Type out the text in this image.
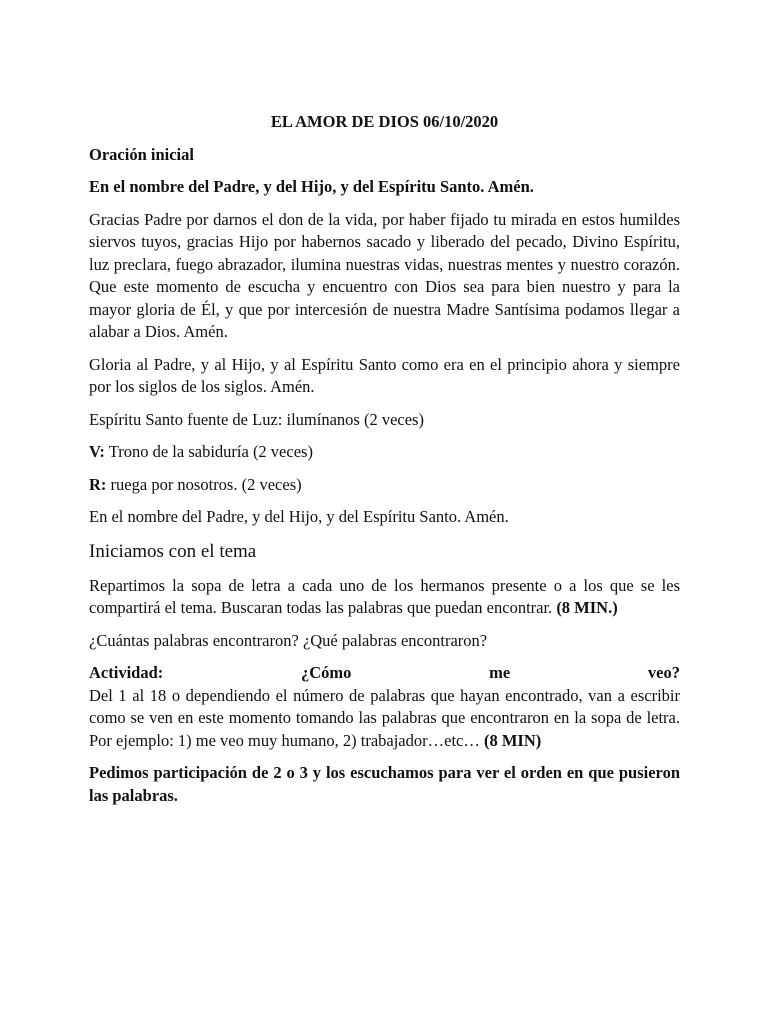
EL AMOR DE DIOS 06/10/2020

Oración inicial

En el nombre del Padre, y del Hijo, y del Espíritu Santo. Amén.

Gracias Padre por darnos el don de la vida, por haber fijado tu mirada en estos humildes siervos tuyos, gracias Hijo por habernos sacado y liberado del pecado, Divino Espíritu, luz preclara, fuego abrazador, ilumina nuestras vidas, nuestras mentes y nuestro corazón. Que este momento de escucha y encuentro con Dios sea para bien nuestro y para la mayor gloria de Él, y que por intercesión de nuestra Madre Santísima podamos llegar a alabar a Dios. Amén.

Gloria al Padre, y al Hijo, y al Espíritu Santo como era en el principio ahora y siempre por los siglos de los siglos. Amén.

Espíritu Santo fuente de Luz: ilumínanos (2 veces)

V: Trono de la sabiduría (2 veces)

R: ruega por nosotros. (2 veces)

En el nombre del Padre, y del Hijo, y del Espíritu Santo. Amén.

Iniciamos con el tema

Repartimos la sopa de letra a cada uno de los hermanos presente o a los que se les compartirá el tema. Buscaran todas las palabras que puedan encontrar. (8 MIN.)

¿Cuántas palabras encontraron? ¿Qué palabras encontraron?

Actividad:	¿Cómo	me	veo?

Del 1 al 18 o dependiendo el número de palabras que hayan encontrado, van a escribir como se ven en este momento tomando las palabras que encontraron en la sopa de letra. Por ejemplo: 1) me veo muy humano, 2) trabajador…etc… (8 MIN)

Pedimos participación de 2 o 3 y los escuchamos para ver el orden en que pusieron las palabras.
